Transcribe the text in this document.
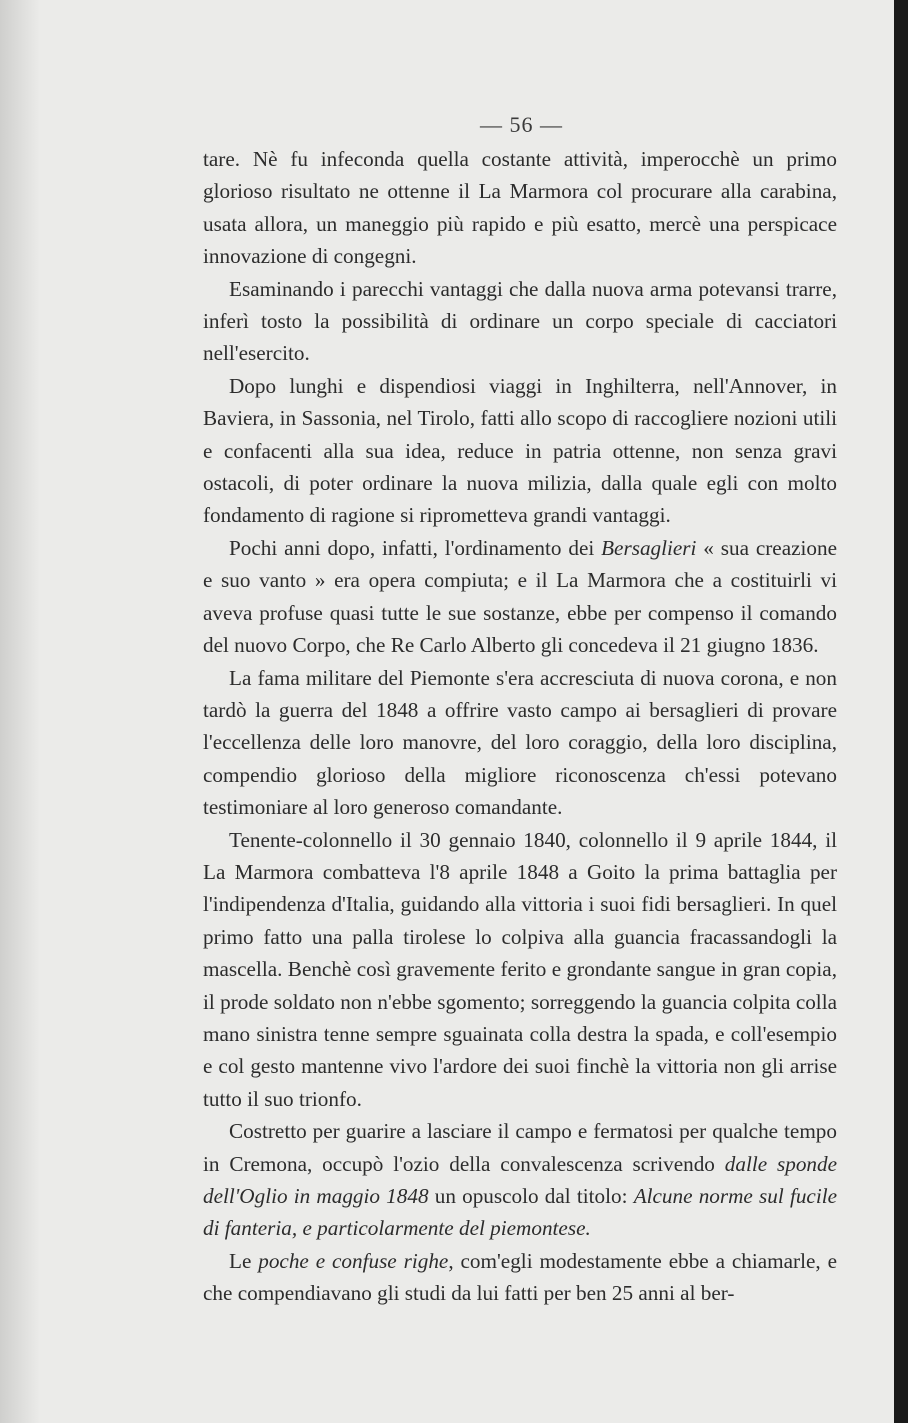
— 56 —

tare. Nè fu infeconda quella costante attività, imperocchè un primo glorioso risultato ne ottenne il La Marmora col procurare alla carabina, usata allora, un maneggio più rapido e più esatto, mercè una perspicace innovazione di congegni.

Esaminando i parecchi vantaggi che dalla nuova arma potevansi trarre, inferì tosto la possibilità di ordinare un corpo speciale di cacciatori nell'esercito.

Dopo lunghi e dispendiosi viaggi in Inghilterra, nell'Annover, in Baviera, in Sassonia, nel Tirolo, fatti allo scopo di raccogliere nozioni utili e confacenti alla sua idea, reduce in patria ottenne, non senza gravi ostacoli, di poter ordinare la nuova milizia, dalla quale egli con molto fondamento di ragione si riprometteva grandi vantaggi.

Pochi anni dopo, infatti, l'ordinamento dei Bersaglieri « sua creazione e suo vanto » era opera compiuta; e il La Marmora che a costituirli vi aveva profuse quasi tutte le sue sostanze, ebbe per compenso il comando del nuovo Corpo, che Re Carlo Alberto gli concedeva il 21 giugno 1836.

La fama militare del Piemonte s'era accresciuta di nuova corona, e non tardò la guerra del 1848 a offrire vasto campo ai bersaglieri di provare l'eccellenza delle loro manovre, del loro coraggio, della loro disciplina, compendio glorioso della migliore riconoscenza ch'essi potevano testimoniare al loro generoso comandante.

Tenente-colonnello il 30 gennaio 1840, colonnello il 9 aprile 1844, il La Marmora combatteva l'8 aprile 1848 a Goito la prima battaglia per l'indipendenza d'Italia, guidando alla vittoria i suoi fidi bersaglieri. In quel primo fatto una palla tirolese lo colpiva alla guancia fracassandogli la mascella. Benchè così gravemente ferito e grondante sangue in gran copia, il prode soldato non n'ebbe sgomento; sorreggendo la guancia colpita colla mano sinistra tenne sempre sguainata colla destra la spada, e coll'esempio e col gesto mantenne vivo l'ardore dei suoi finchè la vittoria non gli arrise tutto il suo trionfo.

Costretto per guarire a lasciare il campo e fermatosi per qualche tempo in Cremona, occupò l'ozio della convalescenza scrivendo dalle sponde dell'Oglio in maggio 1848 un opuscolo dal titolo: Alcune norme sul fucile di fanteria, e particolarmente del piemontese.

Le poche e confuse righe, com'egli modestamente ebbe a chiamarle, e che compendiavano gli studi da lui fatti per ben 25 anni al ber-
